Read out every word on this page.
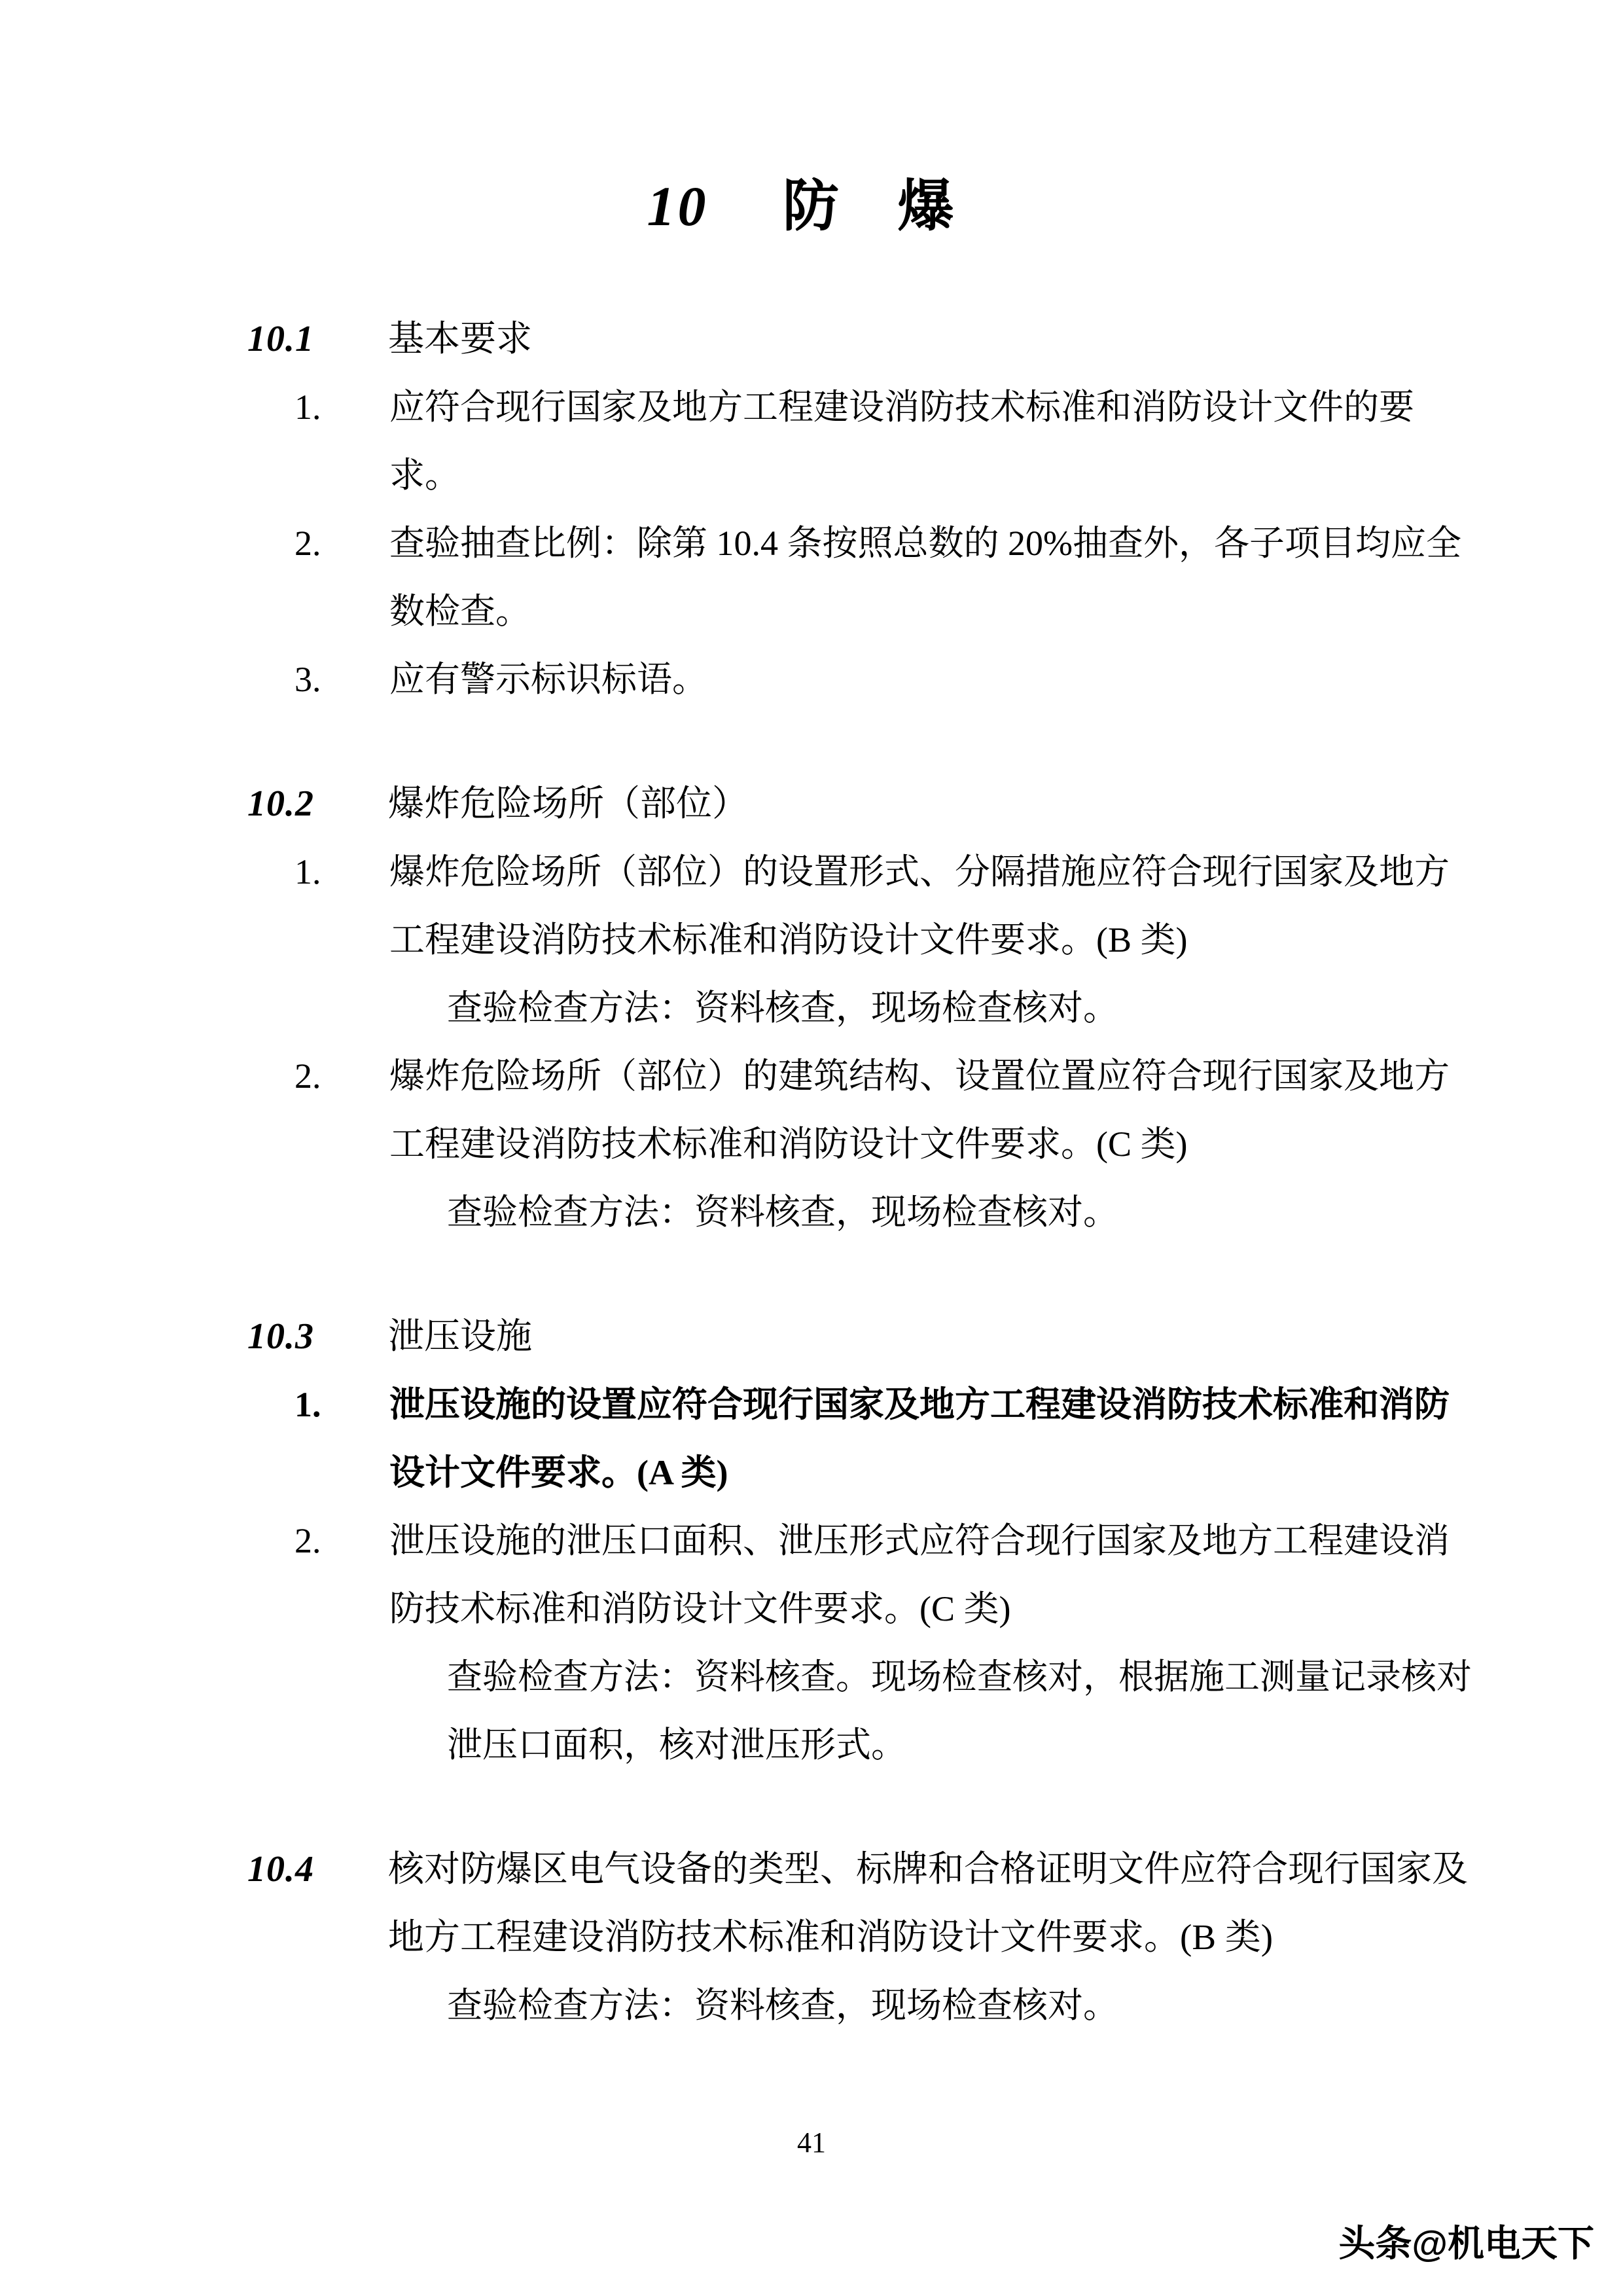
10 防 爆
10.1 基本要求
1. 应符合现行国家及地方工程建设消防技术标准和消防设计文件的要
求。
2. 查验抽查比例：除第 10.4 条按照总数的 20%抽查外，各子项目均应全
数检查。
3. 应有警示标识标语。
10.2 爆炸危险场所（部位）
1. 爆炸危险场所（部位）的设置形式、分隔措施应符合现行国家及地方
工程建设消防技术标准和消防设计文件要求。(B 类)
查验检查方法：资料核查，现场检查核对。
2. 爆炸危险场所（部位）的建筑结构、设置位置应符合现行国家及地方
工程建设消防技术标准和消防设计文件要求。(C 类)
查验检查方法：资料核查，现场检查核对。
10.3 泄压设施
1. 泄压设施的设置应符合现行国家及地方工程建设消防技术标准和消防
设计文件要求。(A 类)
2. 泄压设施的泄压口面积、泄压形式应符合现行国家及地方工程建设消
防技术标准和消防设计文件要求。(C 类)
查验检查方法：资料核查。现场检查核对，根据施工测量记录核对
泄压口面积，核对泄压形式。
10.4 核对防爆区电气设备的类型、标牌和合格证明文件应符合现行国家及
地方工程建设消防技术标准和消防设计文件要求。(B 类)
查验检查方法：资料核查，现场检查核对。
41
头条@机电天下
